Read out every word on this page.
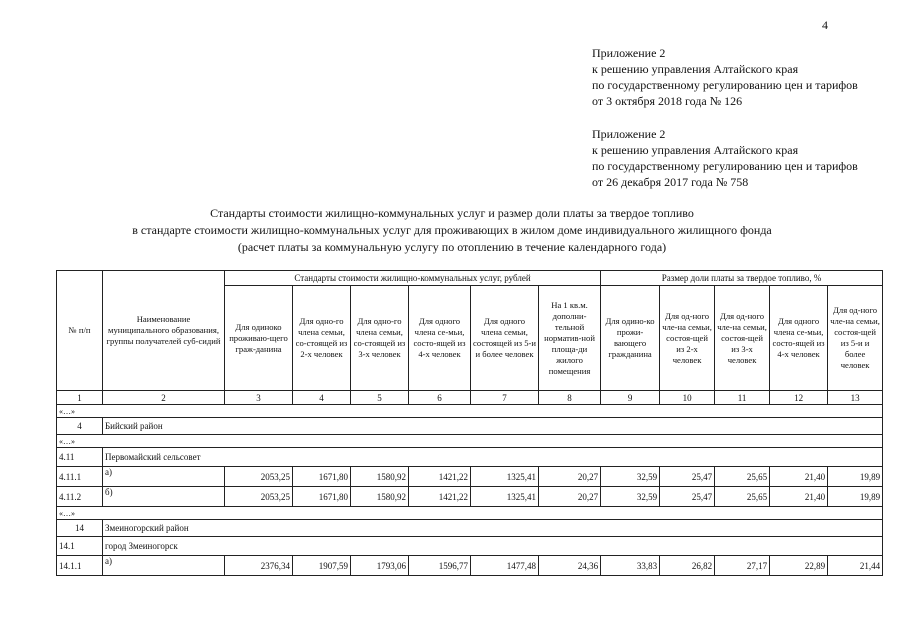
4
Приложение 2
к решению управления Алтайского края
по государственному регулированию цен и тарифов
от 3 октября 2018 года № 126
Приложение 2
к решению управления Алтайского края
по государственному регулированию цен и тарифов
от 26 декабря 2017 года № 758
Стандарты стоимости жилищно-коммунальных услуг и размер доли платы за твердое топливо
в стандарте стоимости жилищно-коммунальных услуг для проживающих в жилом доме индивидуального жилищного фонда
(расчет платы за коммунальную услугу по отоплению в течение календарного года)
№ п/п	Наименование муниципального образования, группы получателей суб-сидий	Стандарты стоимости жилищно-коммунальных услуг, рублей						Размер доли платы за твердое топливо, %				
		Для одиноко проживаю-щего граж-данина	Для одно-го члена семьи, со-стоящей из 2-х человек	Для одно-го члена семьи, со-стоящей из 3-х человек	Для одного члена се-мьи, состо-ящей из 4-х человек	Для одного члена семьи, состоящей из 5-и и более человек	На 1 кв.м. дополни-тельной норматив-ной площа-ди жилого помещения	Для одино-ко прожи-вающего гражданина	Для од-ного чле-на семьи, состоя-щей из 2-х человек	Для од-ного чле-на семьи, состоя-щей из 3-х человек	Для одного члена се-мьи, состо-ящей из 4-х человек	Для од-ного чле-на семьи, состоя-щей из 5-и и более человек
1	2	3	4	5	6	7	8	9	10	11	12	13
«…»												
4	Бийский район											
«…»												
4.11	Первомайский сельсовет											
4.11.1	а)	2053,25	1671,80	1580,92	1421,22	1325,41	20,27	32,59	25,47	25,65	21,40	19,89
4.11.2	б)	2053,25	1671,80	1580,92	1421,22	1325,41	20,27	32,59	25,47	25,65	21,40	19,89
«…»												
14	Змеиногорский район											
14.1	город Змеиногорск											
14.1.1	а)	2376,34	1907,59	1793,06	1596,77	1477,48	24,36	33,83	26,82	27,17	22,89	21,44
